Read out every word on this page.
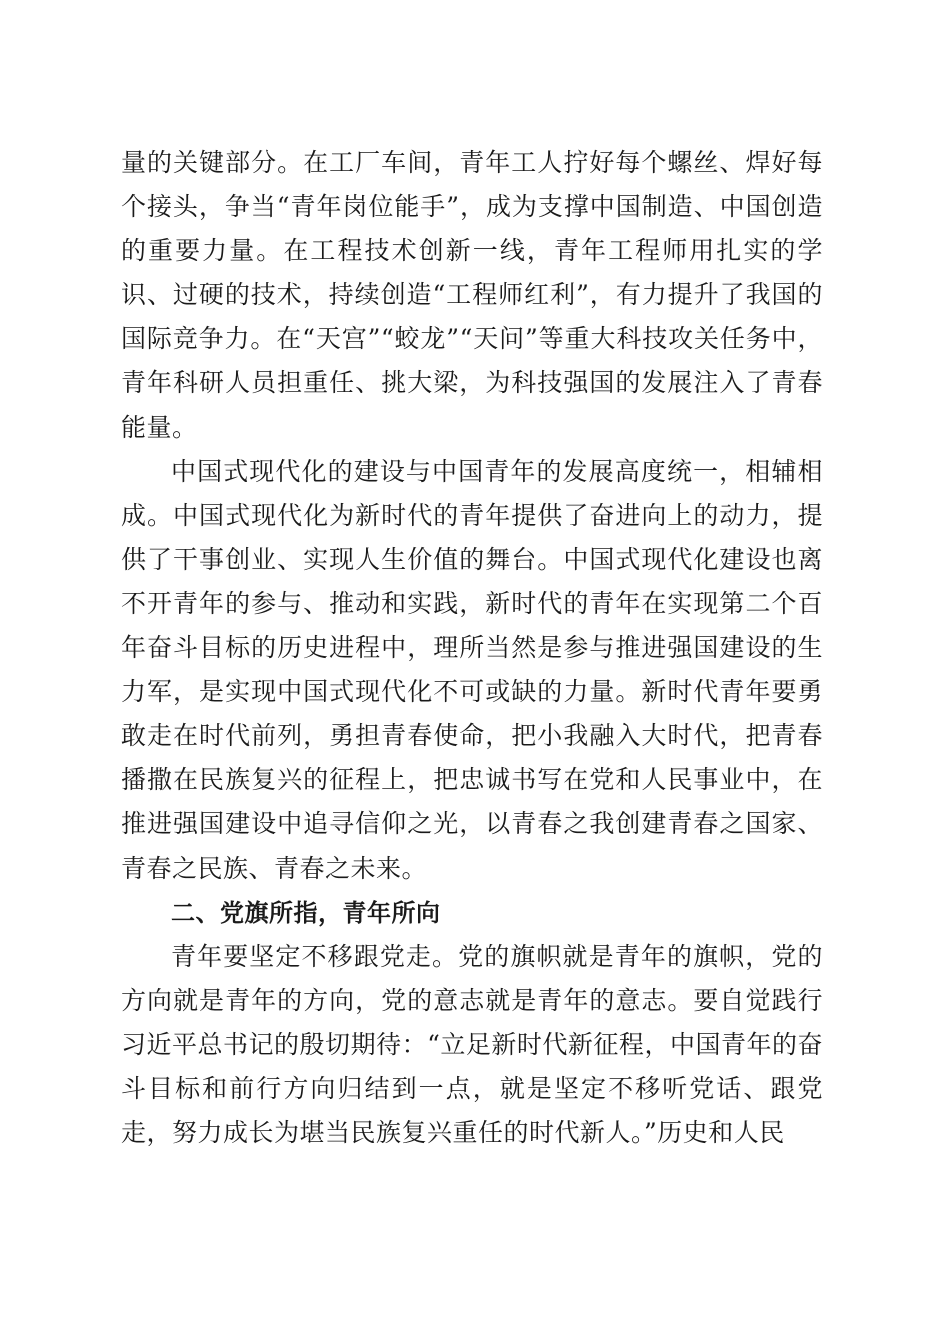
量的关键部分。在工厂车间，青年工人拧好每个螺丝、焊好每个接头，争当“青年岗位能手”，成为支撑中国制造、中国创造的重要力量。在工程技术创新一线，青年工程师用扎实的学识、过硬的技术，持续创造“工程师红利”，有力提升了我国的国际竞争力。在“天宫”“蛟龙”“天问”等重大科技攻关任务中，青年科研人员担重任、挑大梁，为科技强国的发展注入了青春能量。

中国式现代化的建设与中国青年的发展高度统一，相辅相成。中国式现代化为新时代的青年提供了奋进向上的动力，提供了干事创业、实现人生价值的舞台。中国式现代化建设也离不开青年的参与、推动和实践，新时代的青年在实现第二个百年奋斗目标的历史进程中，理所当然是参与推进强国建设的生力军，是实现中国式现代化不可或缺的力量。新时代青年要勇敢走在时代前列，勇担青春使命，把小我融入大时代，把青春播撒在民族复兴的征程上，把忠诚书写在党和人民事业中，在推进强国建设中追寻信仰之光，以青春之我创建青春之国家、青春之民族、青春之未来。

二、党旗所指，青年所向

青年要坚定不移跟党走。党的旗帜就是青年的旗帜，党的方向就是青年的方向，党的意志就是青年的意志。要自觉践行习近平总书记的殷切期待：“立足新时代新征程，中国青年的奋斗目标和前行方向归结到一点，就是坚定不移听党话、跟党走，努力成长为堪当民族复兴重任的时代新人。”历史和人民
